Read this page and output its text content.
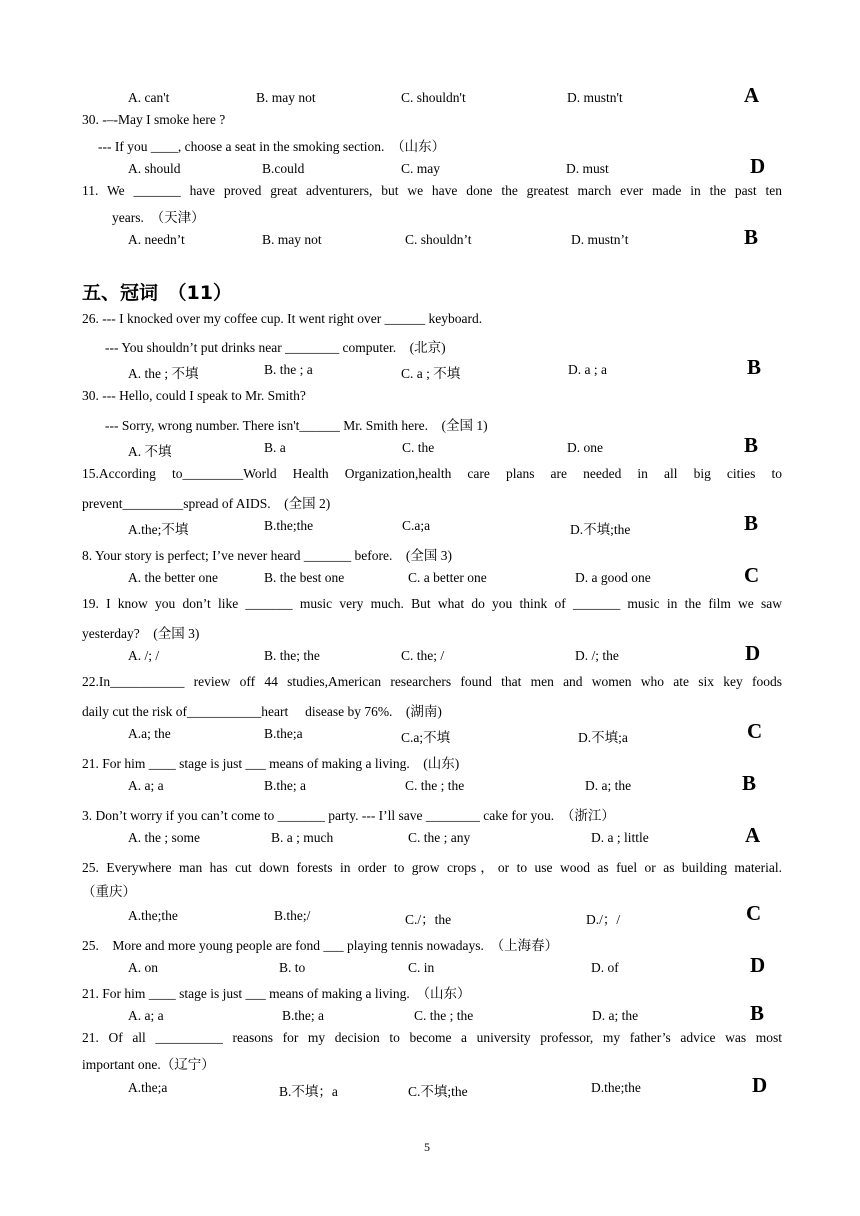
A. can't	B. may not	C. shouldn't	D. mustn't	A
30. -–-May I smoke here ?
--- If you ____, choose a seat in the smoking section.　（山东）
A. should	B.could	C. may	D. must	D
11. We _______ have proved great adventurers, but we have done the greatest march ever made in the past ten
years.　（天津）
A. needn’t	B. may not	C. shouldn’t	D. mustn’t	B
五、冠词　（11）
26. --- I knocked over my coffee cup. It went right over ______ keyboard.
--- You shouldn’t put drinks near ________ computer.　(北京)
A. the ; 不填	B. the ; a	C. a ; 不填	D. a ; a	B
30. --- Hello, could I speak to Mr. Smith?
--- Sorry, wrong number. There isn't______ Mr. Smith here.　(全国 1)
A. 不填	B. a	C. the	D. one	B
15.According to_________World Health Organization,health care plans are needed in all big cities to
prevent_________spread of AIDS.　(全国 2)
A.the;不填	B.the;the	C.a;a	D.不填;the	B
8. Your story is perfect; I’ve never heard _______ before.　(全国 3)
A. the better one	B. the best one	C. a better one	D. a good one	C
19. I know you don’t like _______ music very much. But what do you think of _______ music in the film we saw
yesterday?　(全国 3)
A. /; /	B. the; the	C. the; /	D. /; the	D
22.In___________ review off 44 studies,American researchers found that men and women who ate six key foods
daily cut the risk of___________heart　 disease by 76%.　(湖南)
A.a; the	B.the;a	C.a;不填	D.不填;a	C
21. For him ____ stage is just ___ means of making a living.　(山东)
A. a; a	B.the; a	C. the ; the	D. a; the	B
3. Don’t worry if you can’t come to _______ party. --- I’ll save ________ cake for you.　（浙江）
A. the ; some	B. a ; much	C. the ; any	D. a ; little	A
25. Everywhere man has cut down forests in order to grow crops，or to use wood as fuel or as building material.
（重庆）
A.the;the	B.the;/	C./；the	D./；/	C
25.　More and more young people are fond ___ playing tennis nowadays.　（上海春）
A. on	B. to	C. in	D. of	D
21. For him ____ stage is just ___ means of making a living.　（山东）
A. a; a	B.the; a	C. the ; the	D. a; the	B
21. Of all __________ reasons for my decision to become a university professor, my father’s advice was most
important one.（辽宁）
A.the;a	B.不填；a	C.不填;the	D.the;the	D
5
